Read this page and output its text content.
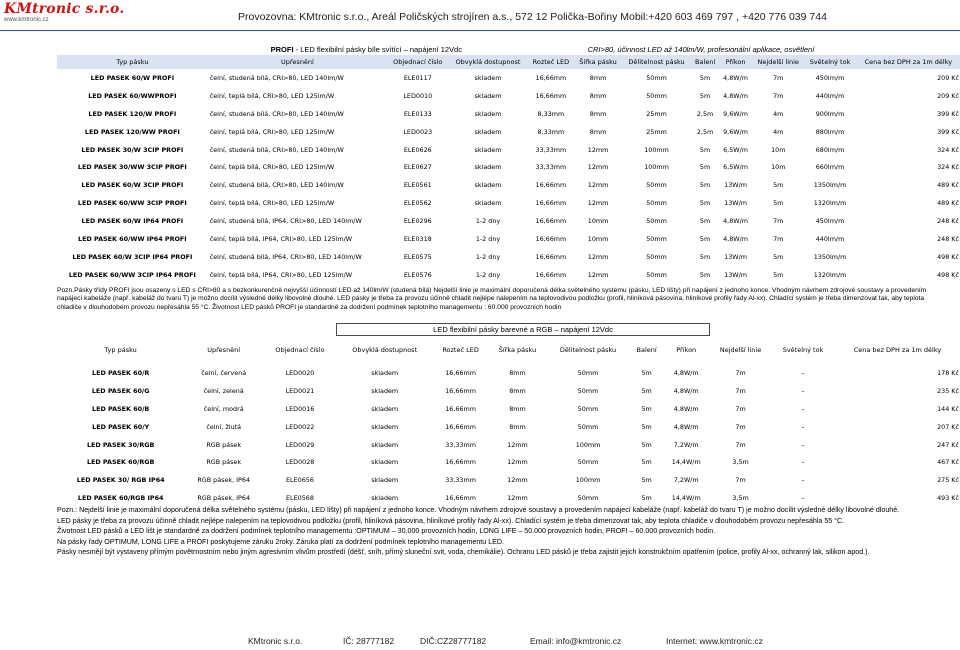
KMtronic s.r.o.
www.kmtronic.cz	Provozovna: KMtronic s.r.o., Areál Poličských strojíren a.s., 572 12 Polička-Bořiny Mobil:+420 603 469 797 , +420 776 039 744
PROFI - LED flexibilní pásky bíle svítící – napájení 12Vdc				CRI>80, účinnost LED až 140lm/W, profesionální aplikace, osvětlení							
Typ pásku	Upřesnění	Objednací číslo	Obvyklá dostupnost	Rozteč LED	Šířka pásku	Dělitelnost pásku	Balení	Příkon	Nejdelší linie	Světelný tok	Cena bez DPH za 1m délky
LED PASEK 60/W PROFI	čelní, studená bílá, CRI>80, LED 140lm/W	ELE0117	skladem	16,66mm	8mm	50mm	5m	4,8W/m	7m	450lm/m	209 Kč
LED PASEK 60/WWPROFI	čelní, teplá bílá, CRI>80, LED 125lm/W	LED0010	skladem	16,66mm	8mm	50mm	5m	4,8W/m	7m	440lm/m	209 Kč
LED PASEK 120/W PROFI	čelní, studená bílá, CRI>80, LED 140lm/W	ELE0133	skladem	8,33mm	8mm	25mm	2,5m	9,6W/m	4m	900lm/m	399 Kč
LED PASEK 120/WW PROFI	čelní, teplá bílá, CRI>80, LED 125lm/W	LED0023	skladem	8,33mm	8mm	25mm	2,5m	9,6W/m	4m	880lm/m	399 Kč
LED PASEK 30/W 3CIP PROFI	čelní, studená bílá, CRI>80, LED 140lm/W	ELE0626	skladem	33,33mm	12mm	100mm	5m	6,5W/m	10m	680lm/m	324 Kč
LED PASEK 30/WW 3CIP PROFI	čelní, teplá bílá, CRI>80, LED 125lm/W	ELE0627	skladem	33,33mm	12mm	100mm	5m	6,5W/m	10m	660lm/m	324 Kč
LED PASEK 60/W 3CIP PROFI	čelní, studená bílá, CRI>80, LED 140lm/W	ELE0561	skladem	16,66mm	12mm	50mm	5m	13W/m	5m	1350lm/m	489 Kč
LED PASEK 60/WW 3CIP PROFI	čelní, teplá bílá, CRI>80, LED 125lm/W	ELE0562	skladem	16,66mm	12mm	50mm	5m	13W/m	5m	1320lm/m	489 Kč
LED PASEK 60/W IP64 PROFI	čelní, studená bílá, IP64, CRI>80, LED 140lm/W	ELE0296	1-2 dny	16,66mm	10mm	50mm	5m	4,8W/m	7m	450lm/m	248 Kč
LED PASEK 60/WW IP64 PROFI	čelní, teplá bílá, IP64, CRI>80, LED 125lm/W	ELE0318	1-2 dny	16,66mm	10mm	50mm	5m	4,8W/m	7m	440lm/m	248 Kč
LED PASEK 60/W 3CIP IP64 PROFI	čelní, studená bílá, IP64, CRI>80, LED 140lm/W	ELE0575	1-2 dny	16,66mm	12mm	50mm	5m	13W/m	5m	1350lm/m	498 Kč
LED PASEK 60/WW 3CIP IP64 PROFI	čelní, teplá bílá, IP64, CRI>80, LED 125lm/W	ELE0576	1-2 dny	16,66mm	12mm	50mm	5m	13W/m	5m	1320lm/m	498 Kč
Pozn.Pásky třídy PROFI jsou osazeny s LED s CRI>80 a s bezkonkurenčně nejvyšší účinností LED až 140lm/W (studená bílá) Nejdelší linie je maximální doporučená délka světelného systému (pásku, LED lišty) při napájení z jednoho konce. Vhodným návrhem zdrojové soustavy a provedením napájecí kabeláže (např. kabeláž do tvaru T) je možno docílit výsledné délky libovolné dlouhé. LED pásky je třeba za provozu účinně chladit nejlépe nalepením na teplovodivou podložku (profil, hliníková pásovina, hliníkové profily řady Al-xx). Chladící systém je třeba dimenzovat tak, aby teplota chladiče v dlouhodobém provozu nepřesáhla 55 °C. Životnost LED pásků PROFI je standardně za dodržení podmínek teplotního managementu : 60.000 provozních hodin
			LED flexibilní pásky barevné a RGB – napájení 12Vdc								
Typ pásku	Upřesnění	Objednací číslo	Obvyklá dostupnost	Rozteč LED	Šířka pásku	Dělitelnost pásku	Balení	Příkon	Nejdelší linie	Světelný tok	Cena bez DPH za 1m délky
LED PASEK 60/R	čelní, červená	LED0020	skladem	16,66mm	8mm	50mm	5m	4,8W/m	7m	–	178 Kč
LED PASEK 60/G	čelní, zelená	LED0021	skladem	16,66mm	8mm	50mm	5m	4,8W/m	7m	–	235 Kč
LED PASEK 60/B	čelní, modrá	LED0016	skladem	16,66mm	8mm	50mm	5m	4,8W/m	7m	–	144 Kč
LED PASEK 60/Y	čelní, žlutá	LED0022	skladem	16,66mm	8mm	50mm	5m	4,8W/m	7m	–	207 Kč
LED PASEK 30/RGB	RGB pásek	LED0029	skladem	33,33mm	12mm	100mm	5m	7,2W/m	7m	–	247 Kč
LED PASEK 60/RGB	RGB pásek	LED0028	skladem	16,66mm	12mm	50mm	5m	14,4W/m	3,5m	–	467 Kč
LED PASEK 30/ RGB IP64	RGB pásek, IP64	ELE0656	skladem	33,33mm	12mm	100mm	5m	7,2W/m	7m	–	275 Kč
LED PASEK 60/RGB IP64	RGB pásek, IP64	ELE0568	skladem	16,66mm	12mm	50mm	5m	14,4W/m	3,5m	–	493 Kč
Pozn.: Nejdelší linie je maximální doporučená délka světelného systému (pásku, LED lišty) při napájení z jednoho konce. Vhodným návrhem zdrojové soustavy a provedením napájecí kabeláže (např. kabeláž do tvaru T) je možno docílit výsledné délky libovolné dlouhé.
LED pásky je třeba za provozu účinně chladit nejlépe nalepením na teplovodivou podložku (profil, hliníková pásovina, hliníkové profily řady Al-xx). Chladící systém je třeba dimenzovat tak, aby teplota chladiče v dlouhodobém provozu nepřesáhla 55 °C.
Životnost LED pásků a LED lišt je standardně za dodržení podmínek teplotního managementu :OPTIMUM – 30.000 provozních hodin, LONG LIFE – 50.000 provozních hodin, PROFI – 60.000 provozních hodin.
Na pásky řady OPTIMUM, LONG LIFE a PROFI poskytujeme záruku 2roky. Záruka platí za dodržení podmínek teplotního managementu LED.
Pásky nesmějí být vystaveny přímým povětrnostním nebo jiným agresivním vlivům prostředí (déšť, sníh, přímý sluneční svit, voda, chemikálie). Ochranu LED pásků je třeba zajistit jejich konstrukčním opatřením (police, profily Al-xx, ochranný lak, silikon apod.).
KMtronic s.r.o.	IČ: 28777182	DIČ:CZ28777182	Email: info@kmtronic.cz	Internet: www.kmtronic.cz
